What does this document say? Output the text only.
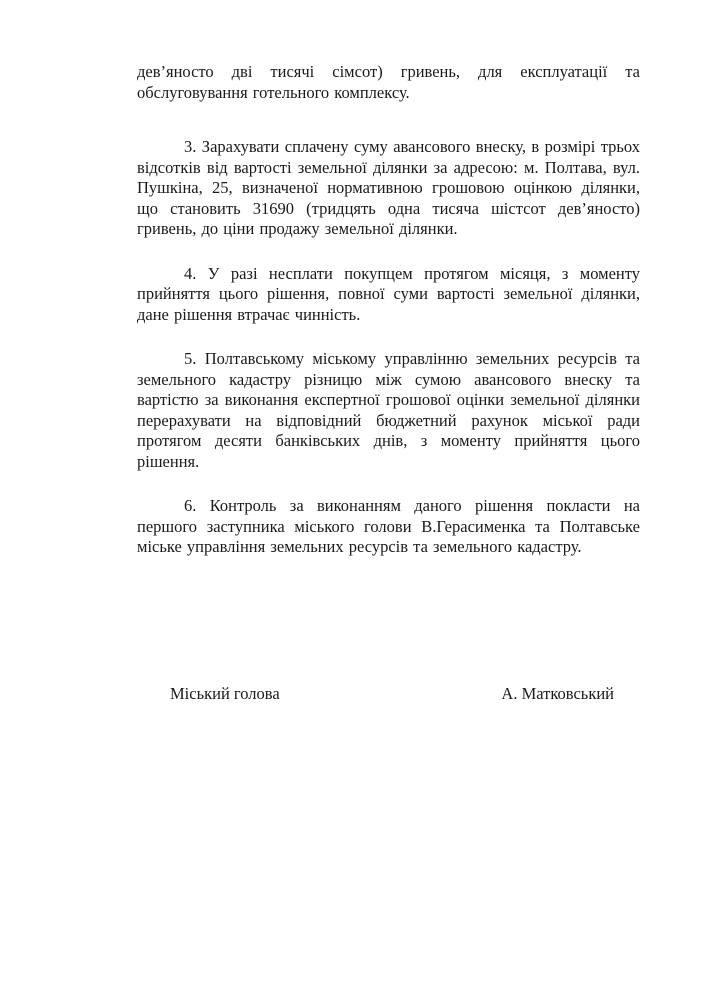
дев’яносто дві тисячі сімсот) гривень, для експлуатації та обслуговування готельного комплексу.

3. Зарахувати сплачену суму авансового внеску, в розмірі трьох відсотків від вартості земельної ділянки за адресою: м. Полтава, вул. Пушкіна, 25, визначеної нормативною грошовою оцінкою ділянки, що становить 31690 (тридцять одна тисяча шістсот дев’яносто) гривень, до ціни продажу земельної ділянки.

4. У разі несплати покупцем протягом місяця, з моменту прийняття цього рішення, повної суми вартості земельної ділянки, дане рішення втрачає чинність.

5. Полтавському міському управлінню земельних ресурсів та земельного кадастру різницю між сумою авансового внеску та вартістю за виконання експертної грошової оцінки земельної ділянки перерахувати на відповідний бюджетний рахунок міської ради протягом десяти банківських днів, з моменту прийняття цього рішення.

6. Контроль за виконанням даного рішення покласти на першого заступника міського голови В.Герасименка та Полтавське міське управління земельних ресурсів та земельного кадастру.

Міський голова	А. Матковський
